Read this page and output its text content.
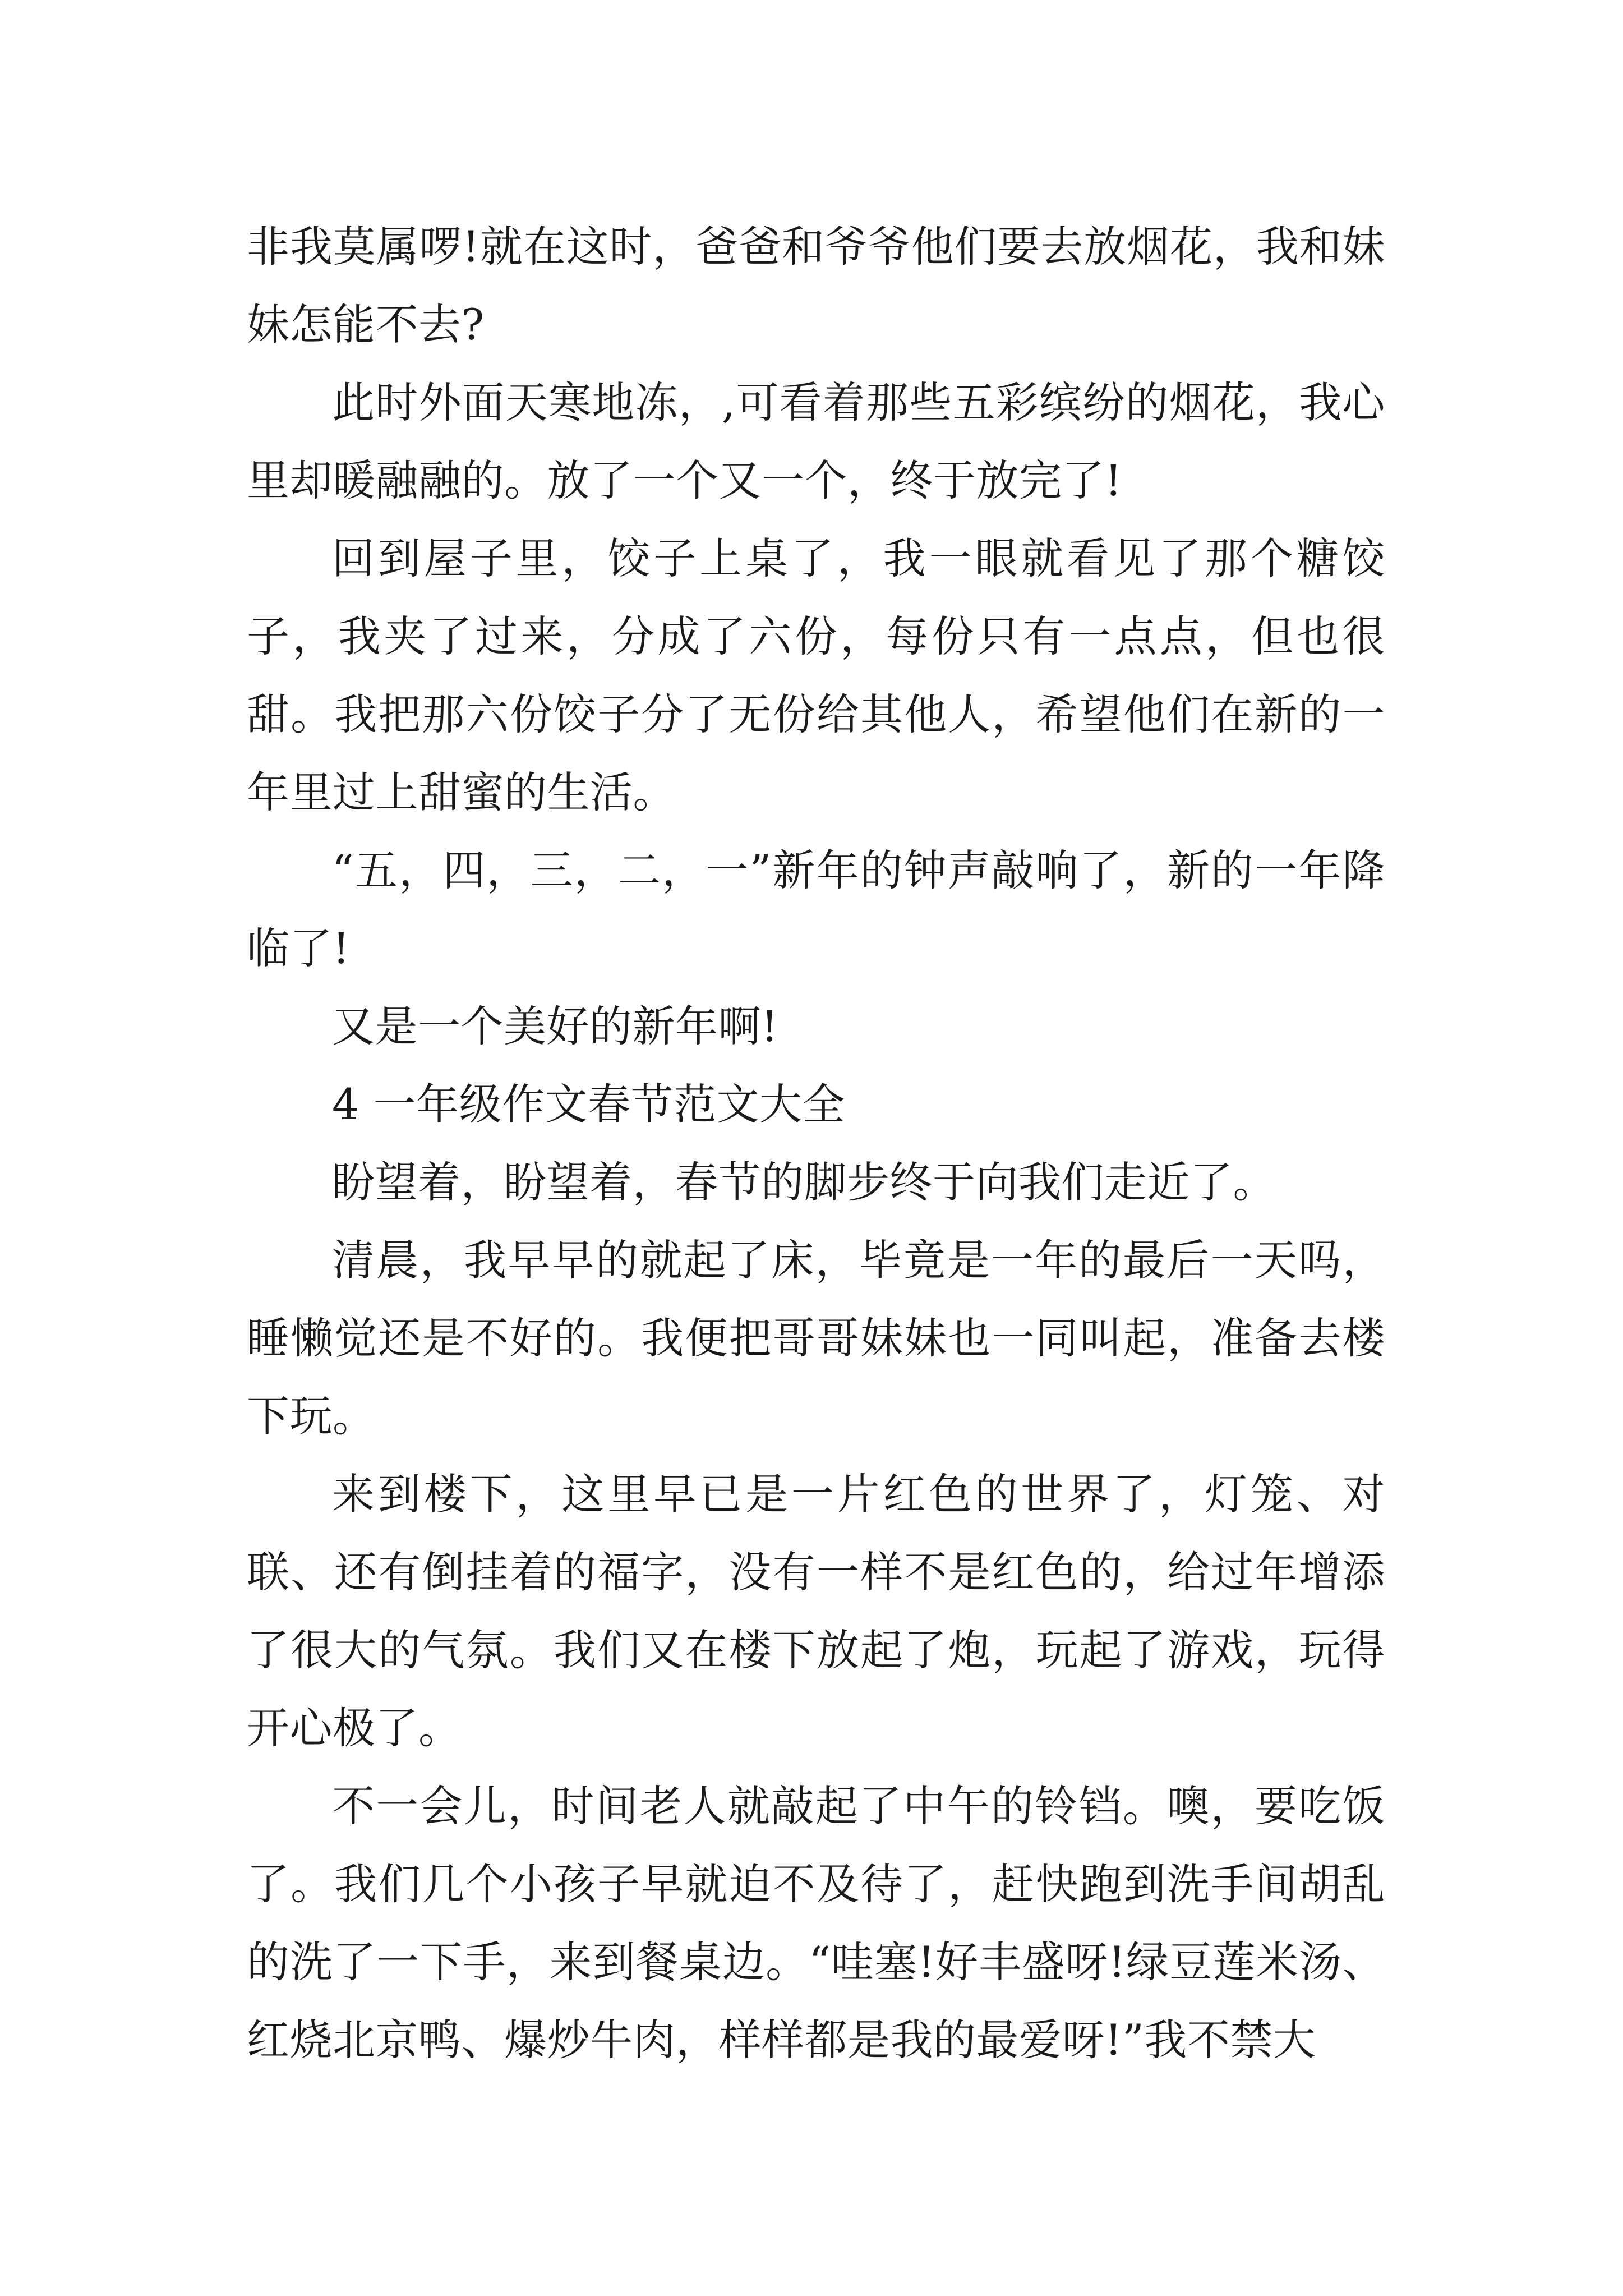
非我莫属啰!就在这时，爸爸和爷爷他们要去放烟花，我和妹妹怎能不去?

此时外面天寒地冻，,可看着那些五彩缤纷的烟花，我心里却暖融融的。放了一个又一个，终于放完了!

回到屋子里，饺子上桌了，我一眼就看见了那个糖饺子，我夹了过来，分成了六份，每份只有一点点，但也很甜。我把那六份饺子分了无份给其他人，希望他们在新的一年里过上甜蜜的生活。

“五，四，三，二，一”新年的钟声敲响了，新的一年降临了!

又是一个美好的新年啊!

4 一年级作文春节范文大全

盼望着，盼望着，春节的脚步终于向我们走近了。

清晨，我早早的就起了床，毕竟是一年的最后一天吗，睡懒觉还是不好的。我便把哥哥妹妹也一同叫起，准备去楼下玩。

来到楼下，这里早已是一片红色的世界了，灯笼、对联、还有倒挂着的福字，没有一样不是红色的，给过年增添了很大的气氛。我们又在楼下放起了炮，玩起了游戏，玩得开心极了。

不一会儿，时间老人就敲起了中午的铃铛。噢，要吃饭了。我们几个小孩子早就迫不及待了，赶快跑到洗手间胡乱的洗了一下手，来到餐桌边。“哇塞!好丰盛呀!绿豆莲米汤、红烧北京鸭、爆炒牛肉，样样都是我的最爱呀!”我不禁大
